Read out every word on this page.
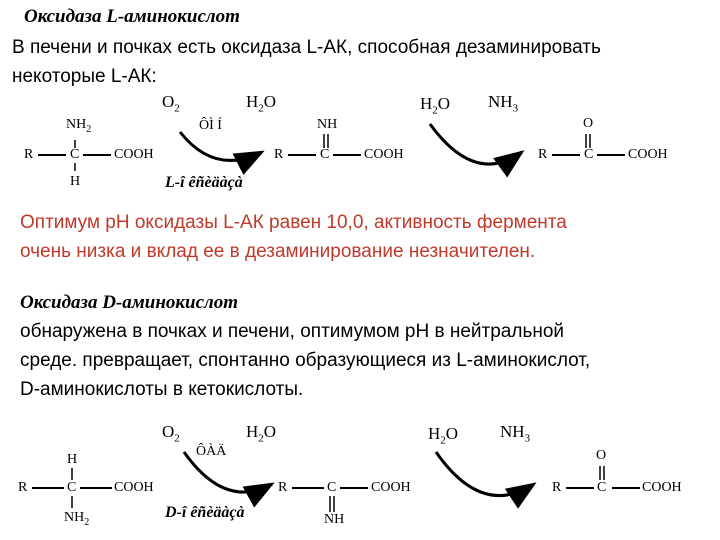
Оксидаза L-аминокислот
В печени и почках есть оксидаза L-АК, способная дезаминировать
некоторые L-АК:
R	C COOH
$NH_2$
H
$O_2$
ÔÌ Í
$H_2O$
L-î êñèäàçà
R	C COOH
NH
$H_2O$ $NH_3$
R	C COOH
O
Оптимум рН оксидазы L-АК равен 10,0, активность фермента
очень низка и вклад ее в дезаминирование незначителен.
Оксидаза D-аминокислот
обнаружена в почках и печени, оптимумом рН в нейтральной
среде. превращает, спонтанно образующиеся из L-аминокислот,
D-аминокислоты в кетокислоты.
R	C	COOH
H
$NH_2$
$O_2$
ÔÀÄ
$H_2O$
D-î êñèäàçà
R	C COOH
NH
$H_2O$ $NH_3$
R	C	COOH
O
